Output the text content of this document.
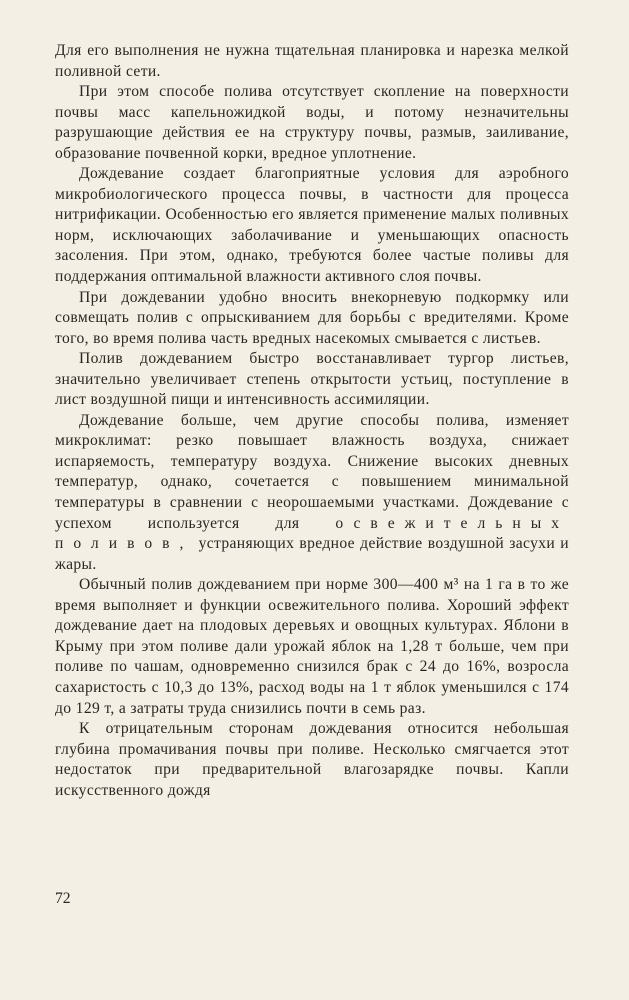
Для его выполнения не нужна тщательная планировка и нарезка мелкой поливной сети.

При этом способе полива отсутствует скопление на поверхности почвы масс капельножидкой воды, и потому незначительны разрушающие действия ее на структуру почвы, размыв, заиливание, образование почвенной корки, вредное уплотнение.

Дождевание создает благоприятные условия для аэробного микробиологического процесса почвы, в частности для процесса нитрификации. Особенностью его является применение малых поливных норм, исключающих заболачивание и уменьшающих опасность засоления. При этом, однако, требуются более частые поливы для поддержания оптимальной влажности активного слоя почвы.

При дождевании удобно вносить внекорневую подкормку или совмещать полив с опрыскиванием для борьбы с вредителями. Кроме того, во время полива часть вредных насекомых смывается с листьев.

Полив дождеванием быстро восстанавливает тургор листьев, значительно увеличивает степень открытости устьиц, поступление в лист воздушной пищи и интенсивность ассимиляции.

Дождевание больше, чем другие способы полива, изменяет микроклимат: резко повышает влажность воздуха, снижает испаряемость, температуру воздуха. Снижение высоких дневных температур, однако, сочетается с повышением минимальной температуры в сравнении с неорошаемыми участками. Дождевание с успехом используется для освежительных поливов, устраняющих вредное действие воздушной засухи и жары.

Обычный полив дождеванием при норме 300—400 м³ на 1 га в то же время выполняет и функции освежительного полива. Хороший эффект дождевание дает на плодовых деревьях и овощных культурах. Яблони в Крыму при этом поливе дали урожай яблок на 1,28 т больше, чем при поливе по чашам, одновременно снизился брак с 24 до 16%, возросла сахаристость с 10,3 до 13%, расход воды на 1 т яблок уменьшился с 174 до 129 т, а затраты труда снизились почти в семь раз.

К отрицательным сторонам дождевания относится небольшая глубина промачивания почвы при поливе. Несколько смягчается этот недостаток при предварительной влагозарядке почвы. Капли искусственного дождя

72
